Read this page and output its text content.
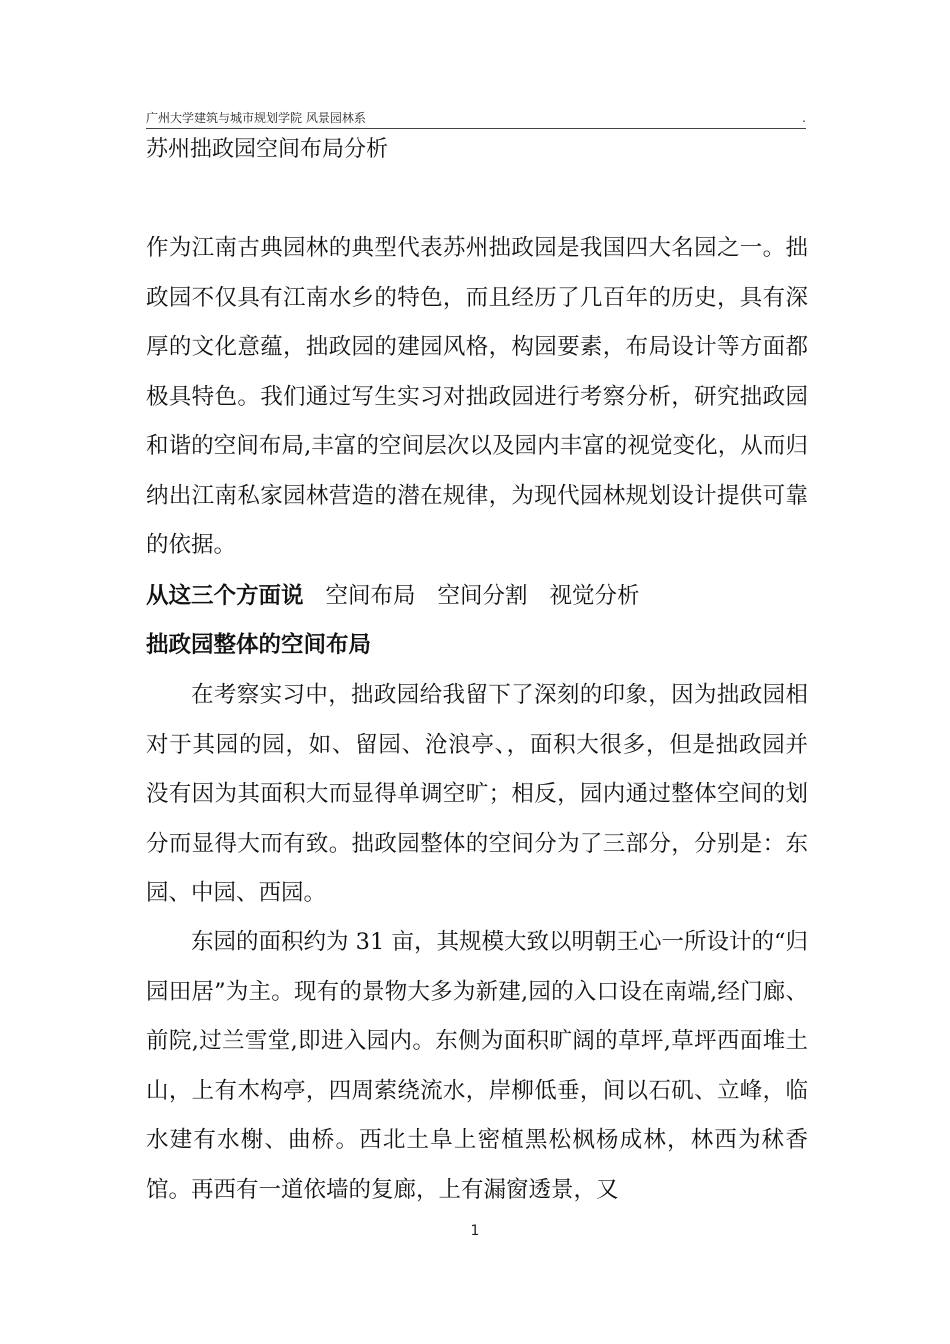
广州大学建筑与城市规划学院 风景园林系	.
苏州拙政园空间布局分析

作为江南古典园林的典型代表苏州拙政园是我国四大名园之一。拙政园不仅具有江南水乡的特色，而且经历了几百年的历史，具有深厚的文化意蕴，拙政园的建园风格，构园要素，布局设计等方面都极具特色。我们通过写生实习对拙政园进行考察分析，研究拙政园和谐的空间布局,丰富的空间层次以及园内丰富的视觉变化，从而归纳出江南私家园林营造的潜在规律，为现代园林规划设计提供可靠的依据。

从这三个方面说 空间布局 空间分割 视觉分析
拙政园整体的空间布局

在考察实习中，拙政园给我留下了深刻的印象，因为拙政园相对于其园的园，如、留园、沧浪亭、，面积大很多，但是拙政园并没有因为其面积大而显得单调空旷；相反，园内通过整体空间的划分而显得大而有致。拙政园整体的空间分为了三部分，分别是：东园、中园、西园。

东园的面积约为 31 亩，其规模大致以明朝王心一所设计的“归园田居”为主。现有的景物大多为新建,园的入口设在南端,经门廊、前院,过兰雪堂,即进入园内。东侧为面积旷阔的草坪,草坪西面堆土山，上有木构亭，四周萦绕流水，岸柳低垂，间以石矶、立峰，临水建有水榭、曲桥。西北土阜上密植黑松枫杨成林，林西为秫香馆。再西有一道依墙的复廊，上有漏窗透景，又

1
